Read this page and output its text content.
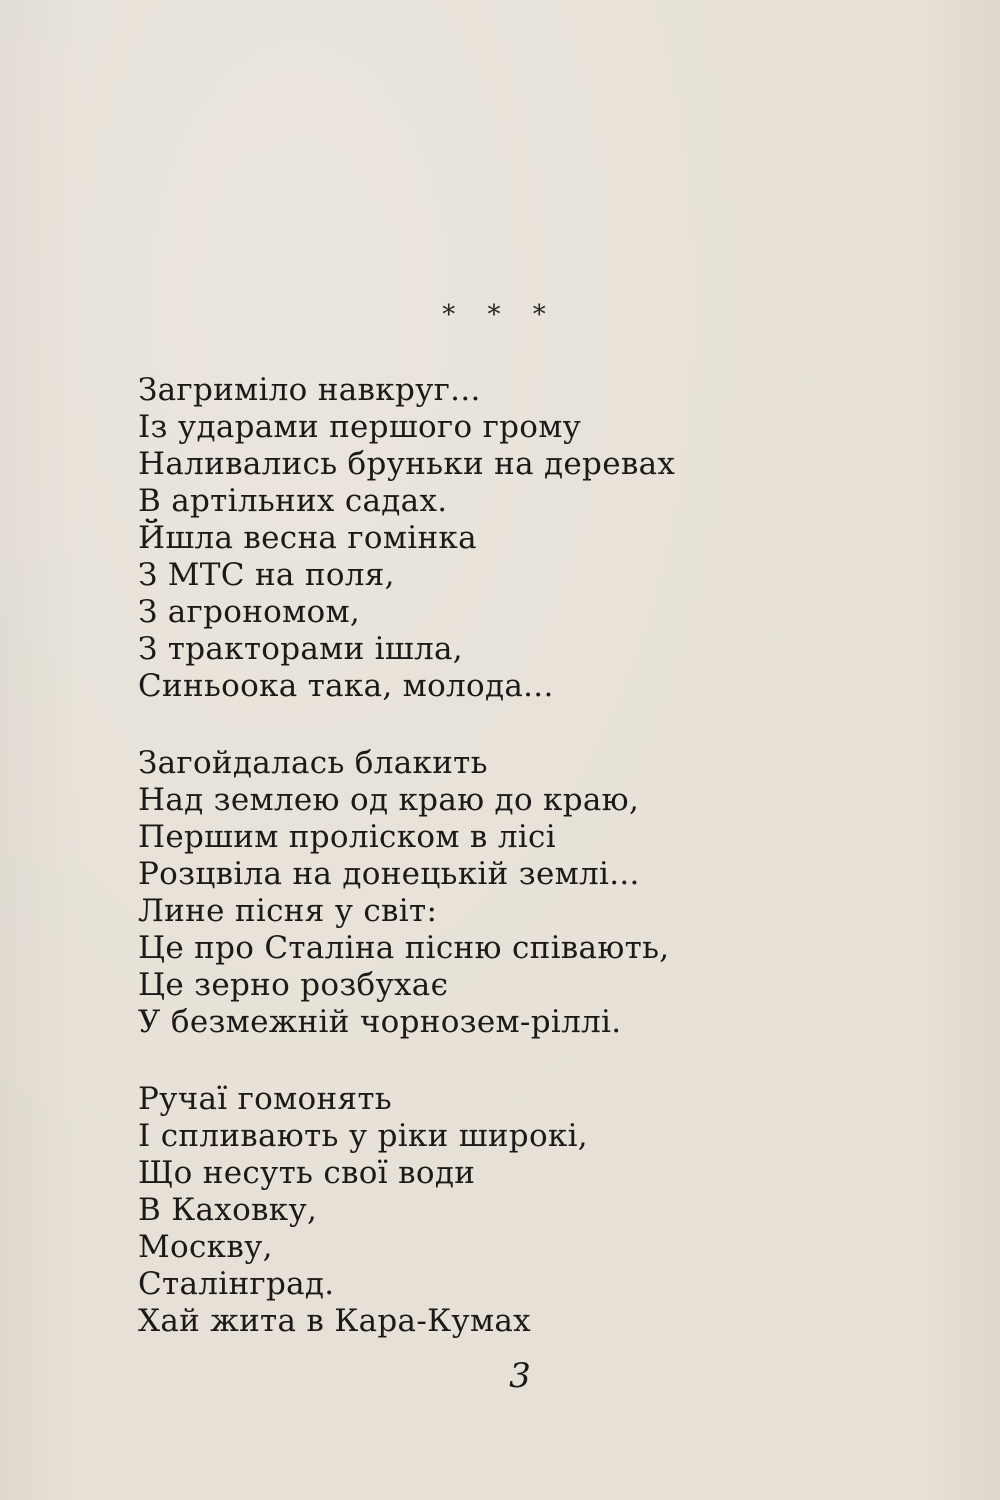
* * *
Загриміло навкруг...
Із ударами першого грому
Наливались бруньки на деревах
В артільних садах.
Йшла весна гомінка
З МТС на поля,
З агрономом,
З тракторами ішла,
Синьоока така, молода...
Загойдалась блакить
Над землею од краю до краю,
Першим проліском в лісі
Розцвіла на донецькій землі...
Лине пісня у світ:
Це про Сталіна пісню співають,
Це зерно розбухає
У безмежній чорнозем-ріллі.
Ручаї гомонять
І спливають у ріки широкі,
Що несуть свої води
В Каховку,
Москву,
Сталінград.
Хай жита в Кара-Кумах
3
